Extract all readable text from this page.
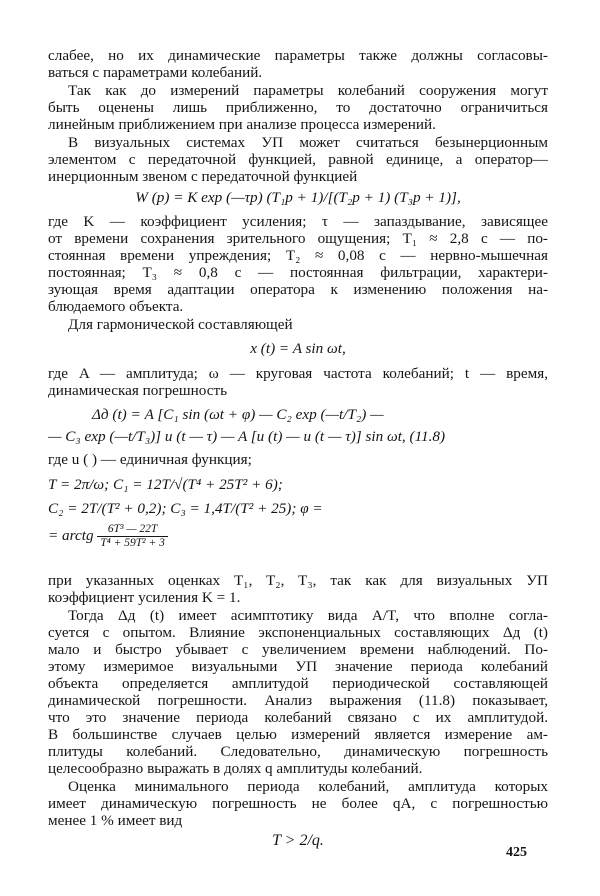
слабее, но их динамические параметры также должны согласовы-
ваться с параметрами колебаний.
Так как до измерений параметры колебаний сооружения могут
быть оценены лишь приближенно, то достаточно ограничиться
линейным приближением при анализе процесса измерений.
В визуальных системах УП может считаться безынерционным
элементом с передаточной функцией, равной единице, а оператор—
инерционным звеном с передаточной функцией
W (p) = K exp (—τp) (T₁p + 1)/[(T₂p + 1) (T₃p + 1)],
где K — коэффициент усиления; τ — запаздывание, зависящее
от времени сохранения зрительного ощущения; T₁ ≈ 2,8 с — по-
стоянная времени упреждения; T₂ ≈ 0,08 с — нервно-мышечная
постоянная; T₃ ≈ 0,8 с — постоянная фильтрации, характери-
зующая время адаптации оператора к изменению положения на-
блюдаемого объекта.
Для гармонической составляющей
x (t) = A sin ωt,
где A — амплитуда; ω — круговая частота колебаний; t — время,
динамическая погрешность
Δд (t) = A [C₁ sin (ωt + φ) — C₂ exp (—t/T₂) —
— C₃ exp (—t/T₃)] u (t — τ) — A [u (t) — u (t — τ)] sin ωt, (11.8)
где u ( ) — единичная функция;
T = 2π/ω; C₁ = 12T/√(T⁴ + 25T² + 6);
C₂ = 2T/(T² + 0,2); C₃ = 1,4T/(T² + 25); φ =
= arctg $\frac{\text{6T³ — 22T}}{\text{T⁴ + 59T² + 3}}$
при указанных оценках T₁, T₂, T₃, так как для визуальных УП
коэффициент усиления K = 1.
Тогда Δд (t) имеет асимптотику вида A/T, что вполне согла-
суется с опытом. Влияние экспоненциальных составляющих Δд (t)
мало и быстро убывает с увеличением времени наблюдений. По-
этому измеримое визуальными УП значение периода колебаний
объекта определяется амплитудой периодической составляющей
динамической погрешности. Анализ выражения (11.8) показывает,
что это значение периода колебаний связано с их амплитудой.
В большинстве случаев целью измерений является измерение ам-
плитуды колебаний. Следовательно, динамическую погрешность
целесообразно выражать в долях q амплитуды колебаний.
Оценка минимального периода колебаний, амплитуда которых
имеет динамическую погрешность не более qA, с погрешностью
менее 1 % имеет вид
T > 2/q.
425
